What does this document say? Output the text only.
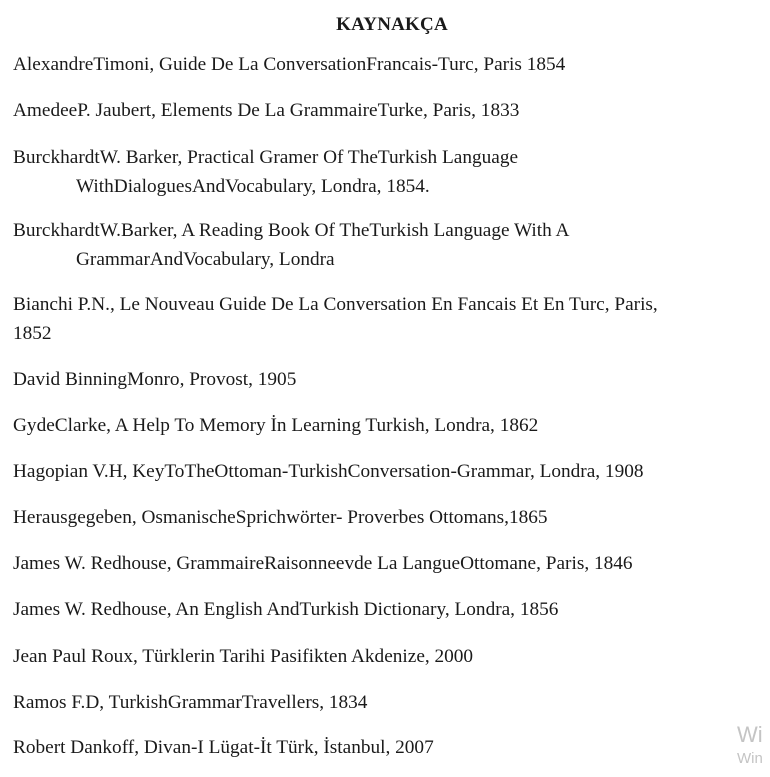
KAYNAKÇA
AlexandreTimoni, Guide De La ConversationFrancais-Turc, Paris 1854
AmedeeP. Jaubert, Elements De La GrammaireTurke, Paris, 1833
BurckhardtW. Barker, Practical Gramer Of TheTurkish Language
WithDialoguesAndVocabulary, Londra, 1854.
BurckhardtW.Barker, A Reading Book Of TheTurkish Language With A
GrammarAndVocabulary, Londra
Bianchi P.N., Le Nouveau Guide De La Conversation En Fancais Et En Turc, Paris,
1852
David BinningMonro, Provost, 1905
GydeClarke, A Help To Memory İn Learning Turkish, Londra, 1862
Hagopian V.H, KeyToTheOttoman-TurkishConversation-Grammar, Londra, 1908
Herausgegeben, OsmanischeSprichwörter- Proverbes Ottomans,1865
James W. Redhouse, GrammaireRaisonneevde La LangueOttomane, Paris, 1846
James W. Redhouse, An English AndTurkish Dictionary, Londra, 1856
Jean Paul Roux, Türklerin Tarihi Pasifikten Akdenize, 2000
Ramos F.D, TurkishGrammarTravellers, 1834
Robert Dankoff, Divan-I Lügat-İt Türk, İstanbul, 2007
Wi
Win
